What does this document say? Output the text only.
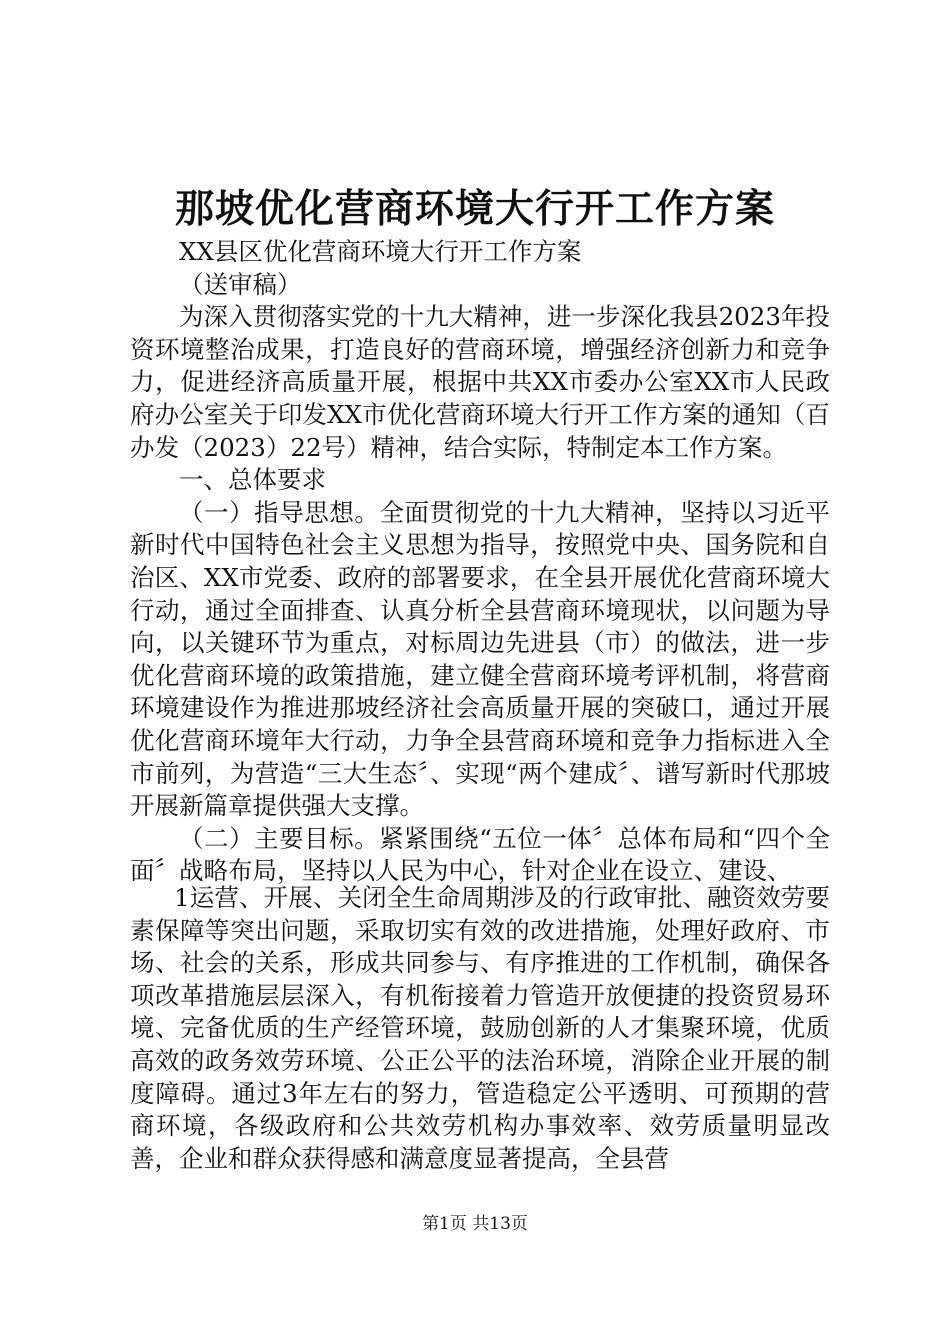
那坡优化营商环境大行开工作方案

XX县区优化营商环境大行开工作方案

（送审稿）

为深入贯彻落实党的十九大精神，进一步深化我县2023年投资环境整治成果，打造良好的营商环境，增强经济创新力和竞争力，促进经济高质量开展，根据中共XX市委办公室XX市人民政府办公室关于印发XX市优化营商环境大行开工作方案的通知（百办发（2023）22号）精神，结合实际，特制定本工作方案。

一、总体要求

（一）指导思想。全面贯彻党的十九大精神，坚持以习近平新时代中国特色社会主义思想为指导，按照党中央、国务院和自治区、XX市党委、政府的部署要求，在全县开展优化营商环境大行动，通过全面排查、认真分析全县营商环境现状，以问题为导向，以关键环节为重点，对标周边先进县（市）的做法，进一步优化营商环境的政策措施，建立健全营商环境考评机制，将营商环境建设作为推进那坡经济社会高质量开展的突破口，通过开展优化营商环境年大行动，力争全县营商环境和竞争力指标进入全市前列，为营造“三大生态〞、实现“两个建成〞、谱写新时代那坡开展新篇章提供强大支撑。

（二）主要目标。紧紧围绕“五位一体〞总体布局和“四个全面〞战略布局，坚持以人民为中心，针对企业在设立、建设、

1运营、开展、关闭全生命周期涉及的行政审批、融资效劳要素保障等突出问题，采取切实有效的改进措施，处理好政府、市场、社会的关系，形成共同参与、有序推进的工作机制，确保各项改革措施层层深入，有机衔接着力管造开放便捷的投资贸易环境、完备优质的生产经管环境，鼓励创新的人才集聚环境，优质高效的政务效劳环境、公正公平的法治环境，消除企业开展的制度障碍。通过3年左右的努力，管造稳定公平透明、可预期的营商环境，各级政府和公共效劳机构办事效率、效劳质量明显改善，企业和群众获得感和满意度显著提高，全县营

第1页 共13页
